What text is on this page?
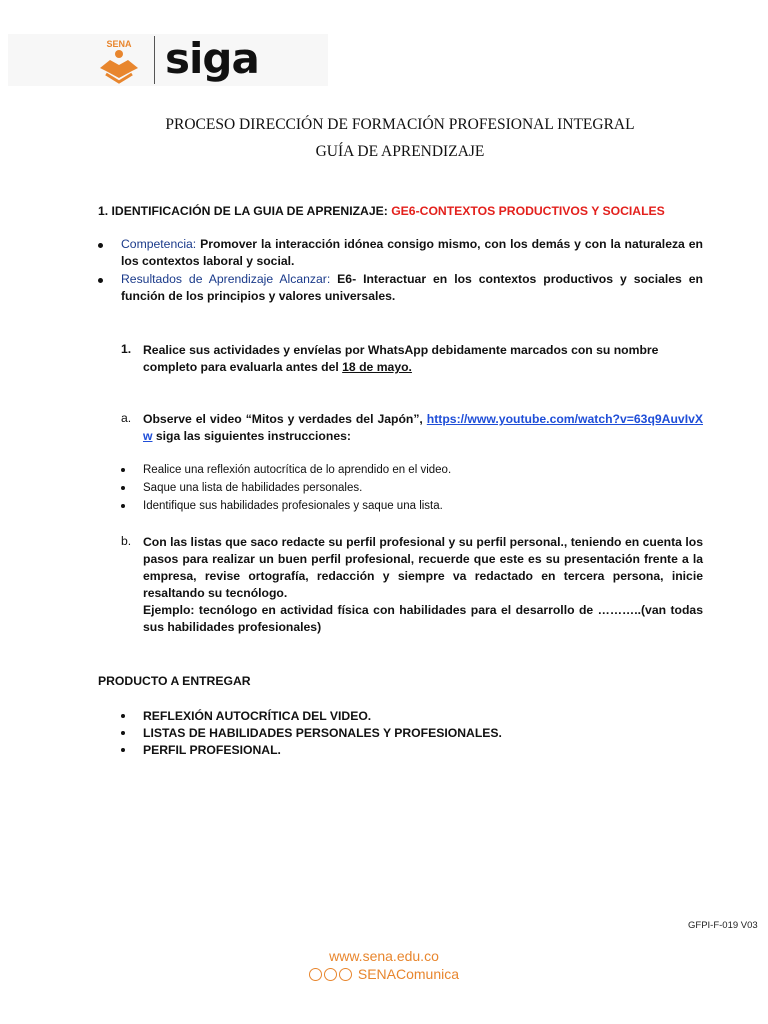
SENA siga
PROCESO DIRECCIÓN DE FORMACIÓN PROFESIONAL INTEGRAL
GUÍA DE APRENDIZAJE
1. IDENTIFICACIÓN DE LA GUIA DE APRENIZAJE: GE6-CONTEXTOS PRODUCTIVOS Y SOCIALES
Competencia: Promover la interacción idónea consigo mismo, con los demás y con la naturaleza en los contextos laboral y social.
Resultados de Aprendizaje Alcanzar: E6- Interactuar en los contextos productivos y sociales en función de los principios y valores universales.
1. Realice sus actividades y envíelas por WhatsApp debidamente marcados con su nombre completo para evaluarla antes del 18 de mayo.
a. Observe el video “Mitos y verdades del Japón”, https://www.youtube.com/watch?v=63q9AuvIvXw siga las siguientes instrucciones:
Realice una reflexión autocrítica de lo aprendido en el video.
Saque una lista de habilidades personales.
Identifique sus habilidades profesionales y saque una lista.
b. Con las listas que saco redacte su perfil profesional y su perfil personal., teniendo en cuenta los pasos para realizar un buen perfil profesional, recuerde que este es su presentación frente a la empresa, revise ortografía, redacción y siempre va redactado en tercera persona, inicie resaltando su tecnólogo.
Ejemplo: tecnólogo en actividad física con habilidades para el desarrollo de ………..(van todas sus habilidades profesionales)
PRODUCTO A ENTREGAR
REFLEXIÓN AUTOCRÍTICA DEL VIDEO.
LISTAS DE HABILIDADES PERSONALES Y PROFESIONALES.
PERFIL PROFESIONAL.
GFPI-F-019 V03
www.sena.edu.co
SENAComunica
